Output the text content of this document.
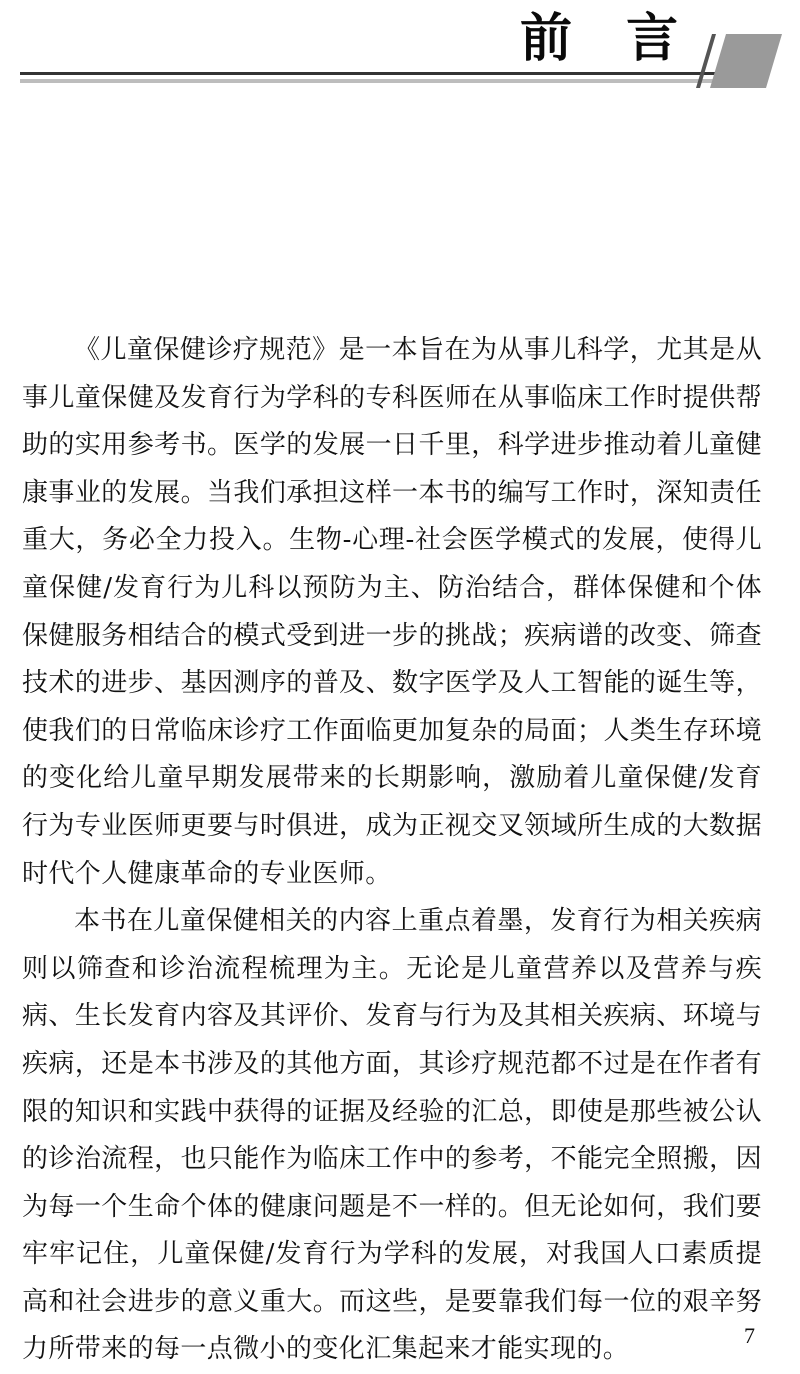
前 言

《儿童保健诊疗规范》是一本旨在为从事儿科学，尤其是从事儿童保健及发育行为学科的专科医师在从事临床工作时提供帮助的实用参考书。医学的发展一日千里，科学进步推动着儿童健康事业的发展。当我们承担这样一本书的编写工作时，深知责任重大，务必全力投入。生物-心理-社会医学模式的发展，使得儿童保健/发育行为儿科以预防为主、防治结合，群体保健和个体保健服务相结合的模式受到进一步的挑战；疾病谱的改变、筛查技术的进步、基因测序的普及、数字医学及人工智能的诞生等，使我们的日常临床诊疗工作面临更加复杂的局面；人类生存环境的变化给儿童早期发展带来的长期影响，激励着儿童保健/发育行为专业医师更要与时俱进，成为正视交叉领域所生成的大数据时代个人健康革命的专业医师。

本书在儿童保健相关的内容上重点着墨，发育行为相关疾病则以筛查和诊治流程梳理为主。无论是儿童营养以及营养与疾病、生长发育内容及其评价、发育与行为及其相关疾病、环境与疾病，还是本书涉及的其他方面，其诊疗规范都不过是在作者有限的知识和实践中获得的证据及经验的汇总，即使是那些被公认的诊治流程，也只能作为临床工作中的参考，不能完全照搬，因为每一个生命个体的健康问题是不一样的。但无论如何，我们要牢牢记住，儿童保健/发育行为学科的发展，对我国人口素质提高和社会进步的意义重大。而这些，是要靠我们每一位的艰辛努力所带来的每一点微小的变化汇集起来才能实现的。	7
